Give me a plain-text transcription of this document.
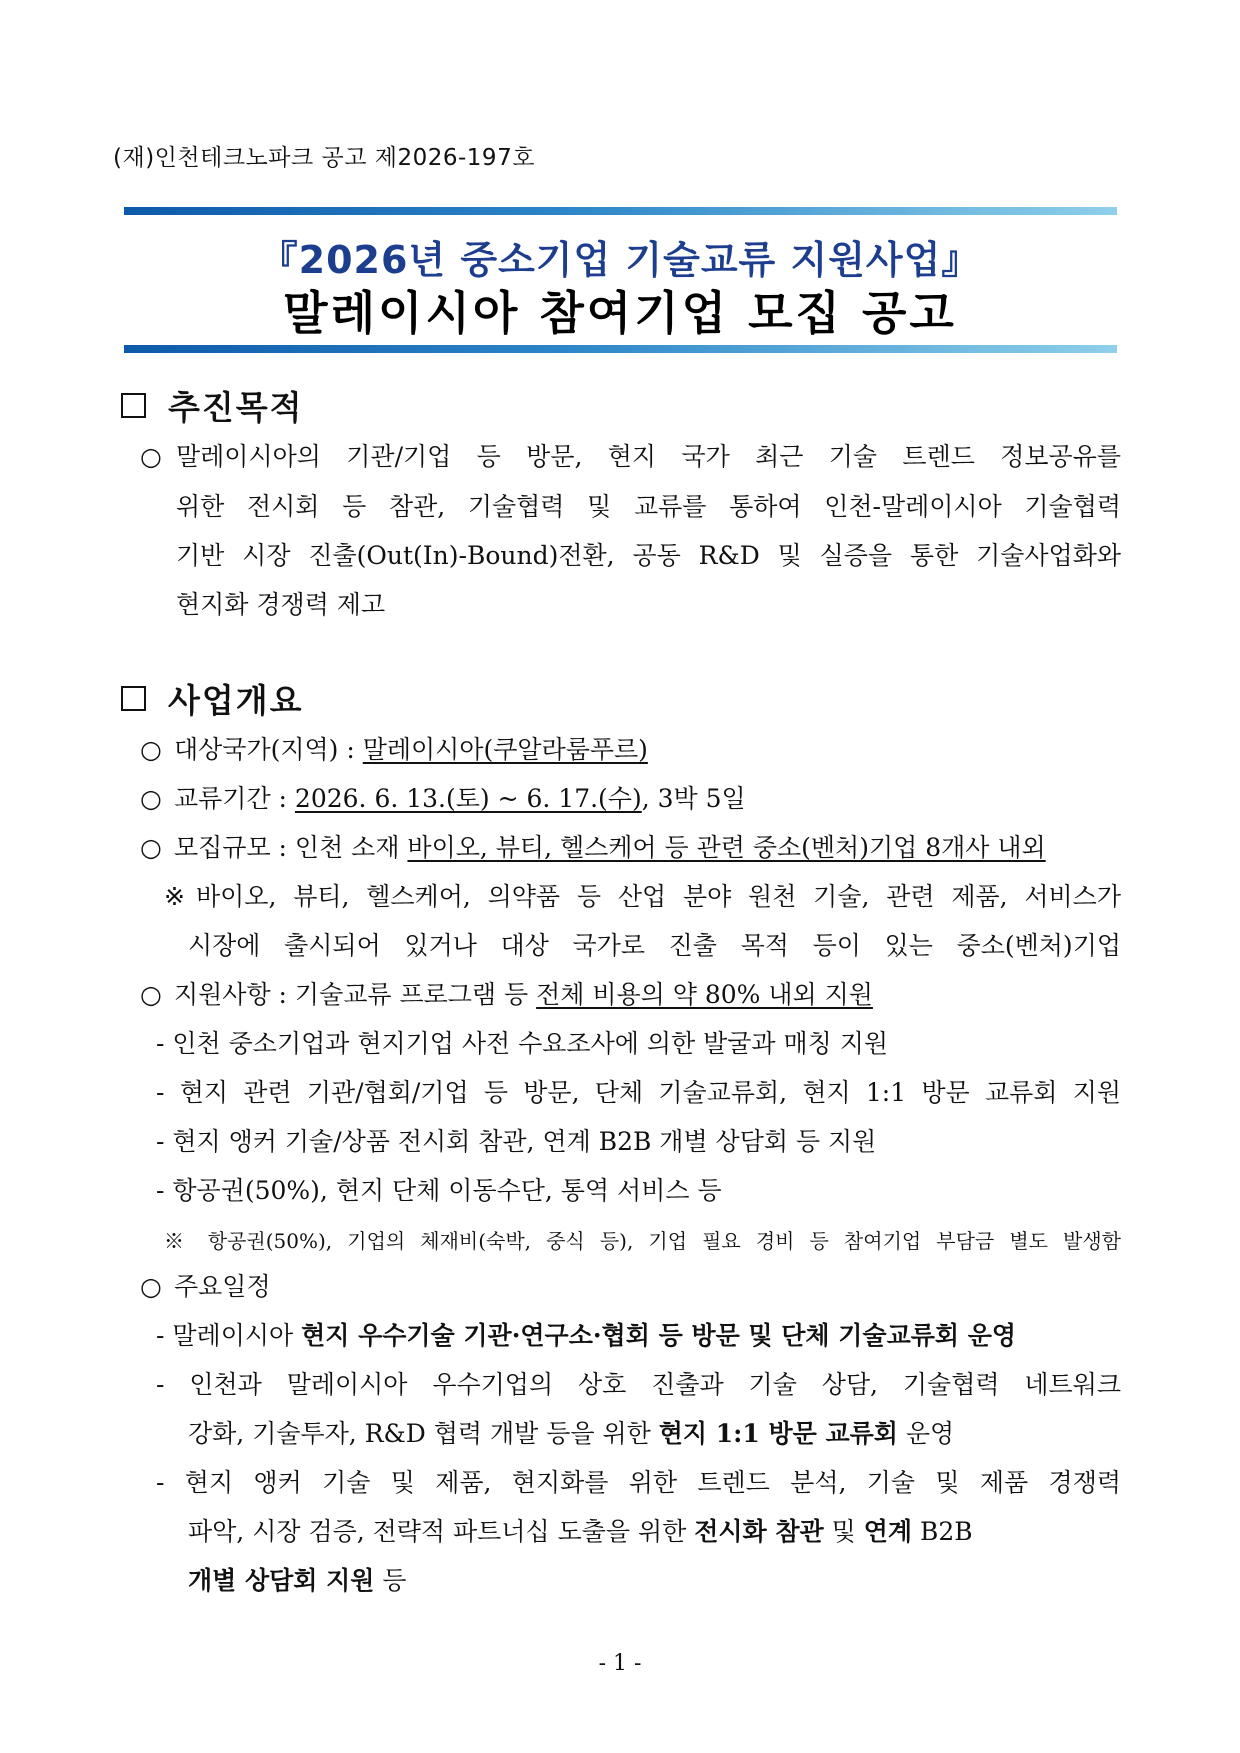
(재)인천테크노파크 공고 제2026-197호
『2026년 중소기업 기술교류 지원사업』
말레이시아 참여기업 모집 공고
추진목적
○ 말레이시아의 기관/기업 등 방문, 현지 국가 최근 기술 트렌드 정보공유를
위한 전시회 등 참관, 기술협력 및 교류를 통하여 인천-말레이시아 기술협력
기반 시장 진출(Out(In)-Bound)전환, 공동 R&D 및 실증을 통한 기술사업화와
현지화 경쟁력 제고
사업개요
○ 대상국가(지역) : 말레이시아(쿠알라룸푸르)
○ 교류기간 : 2026. 6. 13.(토) ~ 6. 17.(수), 3박 5일
○ 모집규모 : 인천 소재 바이오, 뷰티, 헬스케어 등 관련 중소(벤처)기업 8개사 내외
※ 바이오, 뷰티, 헬스케어, 의약품 등 산업 분야 원천 기술, 관련 제품, 서비스가
시장에 출시되어 있거나 대상 국가로 진출 목적 등이 있는 중소(벤처)기업
○ 지원사항 : 기술교류 프로그램 등 전체 비용의 약 80% 내외 지원
- 인천 중소기업과 현지기업 사전 수요조사에 의한 발굴과 매칭 지원
- 현지 관련 기관/협회/기업 등 방문, 단체 기술교류회, 현지 1:1 방문 교류회 지원
- 현지 앵커 기술/상품 전시회 참관, 연계 B2B 개별 상담회 등 지원
- 항공권(50%), 현지 단체 이동수단, 통역 서비스 등
※ 항공권(50%), 기업의 체재비(숙박, 중식 등), 기업 필요 경비 등 참여기업 부담금 별도 발생함
○ 주요일정
- 말레이시아 현지 우수기술 기관·연구소·협회 등 방문 및 단체 기술교류회 운영
- 인천과 말레이시아 우수기업의 상호 진출과 기술 상담, 기술협력 네트워크
강화, 기술투자, R&D 협력 개발 등을 위한 현지 1:1 방문 교류회 운영
- 현지 앵커 기술 및 제품, 현지화를 위한 트렌드 분석, 기술 및 제품 경쟁력
파악, 시장 검증, 전략적 파트너십 도출을 위한 전시화 참관 및 연계 B2B
개별 상담회 지원 등
- 1 -
